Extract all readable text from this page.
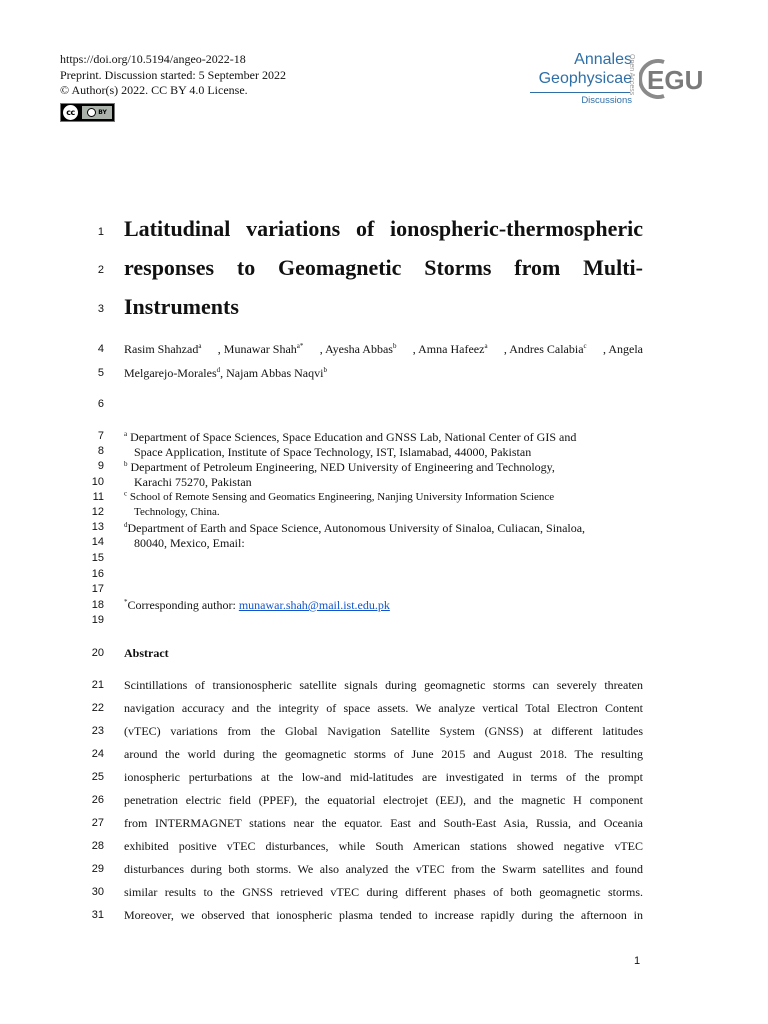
https://doi.org/10.5194/angeo-2022-18
Preprint. Discussion started: 5 September 2022
© Author(s) 2022. CC BY 4.0 License.
cc	BY
Annales
Geophysicae
Discussions
Open Access EGU
1
2
3
4
5
6
7
8
9
10
11
12
13
14
15
16
17
18
19
20
21
22
23
24
25
26
27
28
29
30
31
Latitudinal variations of ionospheric-thermospheric
responses to Geomagnetic Storms from Multi-
Instruments
Rasim Shahzad$^a$ , Munawar Shah$^{a*}$ , Ayesha Abbas$^b$ , Amna Hafeez$^a$ , Andres Calabia$^c$ , Angela
Melgarejo-Morales$^d$, Najam Abbas Naqvi$^b$
$^a$ Department of Space Sciences, Space Education and GNSS Lab, National Center of GIS and
Space Application, Institute of Space Technology, IST, Islamabad, 44000, Pakistan
$^b$ Department of Petroleum Engineering, NED University of Engineering and Technology,
Karachi 75270, Pakistan
$^c$ School of Remote Sensing and Geomatics Engineering, Nanjing University Information Science
Technology, China.
$^d$Department of Earth and Space Science, Autonomous University of Sinaloa, Culiacan, Sinaloa,
80040, Mexico, Email:
*Corresponding author: munawar.shah@mail.ist.edu.pk
Abstract
Scintillations of transionospheric satellite signals during geomagnetic storms can severely threaten
navigation accuracy and the integrity of space assets. We analyze vertical Total Electron Content
(vTEC) variations from the Global Navigation Satellite System (GNSS) at different latitudes
around the world during the geomagnetic storms of June 2015 and August 2018. The resulting
ionospheric perturbations at the low-and mid-latitudes are investigated in terms of the prompt
penetration electric field (PPEF), the equatorial electrojet (EEJ), and the magnetic H component
from INTERMAGNET stations near the equator. East and South-East Asia, Russia, and Oceania
exhibited positive vTEC disturbances, while South American stations showed negative vTEC
disturbances during both storms. We also analyzed the vTEC from the Swarm satellites and found
similar results to the GNSS retrieved vTEC during different phases of both geomagnetic storms.
Moreover, we observed that ionospheric plasma tended to increase rapidly during the afternoon in
1
